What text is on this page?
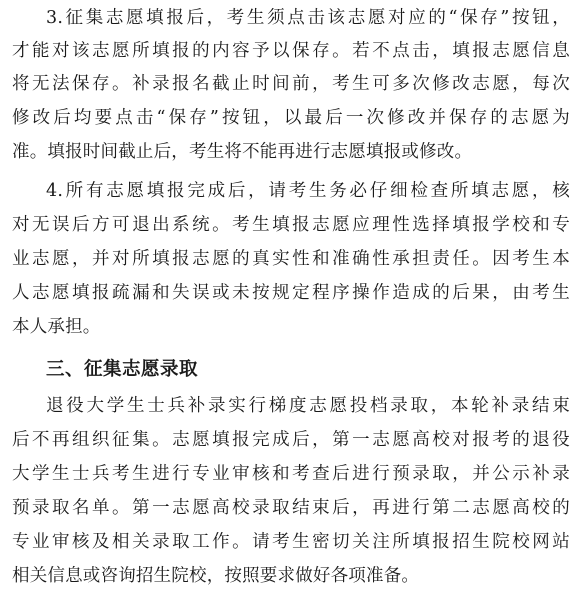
3.征集志愿填报后，考生须点击该志愿对应的“保存”按钮，
才能对该志愿所填报的内容予以保存。若不点击，填报志愿信息
将无法保存。补录报名截止时间前，考生可多次修改志愿，每次
修改后均要点击“保存”按钮，以最后一次修改并保存的志愿为
准。填报时间截止后，考生将不能再进行志愿填报或修改。
4.所有志愿填报完成后，请考生务必仔细检查所填志愿，核
对无误后方可退出系统。考生填报志愿应理性选择填报学校和专
业志愿，并对所填报志愿的真实性和准确性承担责任。因考生本
人志愿填报疏漏和失误或未按规定程序操作造成的后果，由考生
本人承担。
三、征集志愿录取
退役大学生士兵补录实行梯度志愿投档录取，本轮补录结束
后不再组织征集。志愿填报完成后，第一志愿高校对报考的退役
大学生士兵考生进行专业审核和考查后进行预录取，并公示补录
预录取名单。第一志愿高校录取结束后，再进行第二志愿高校的
专业审核及相关录取工作。请考生密切关注所填报招生院校网站
相关信息或咨询招生院校，按照要求做好各项准备。
